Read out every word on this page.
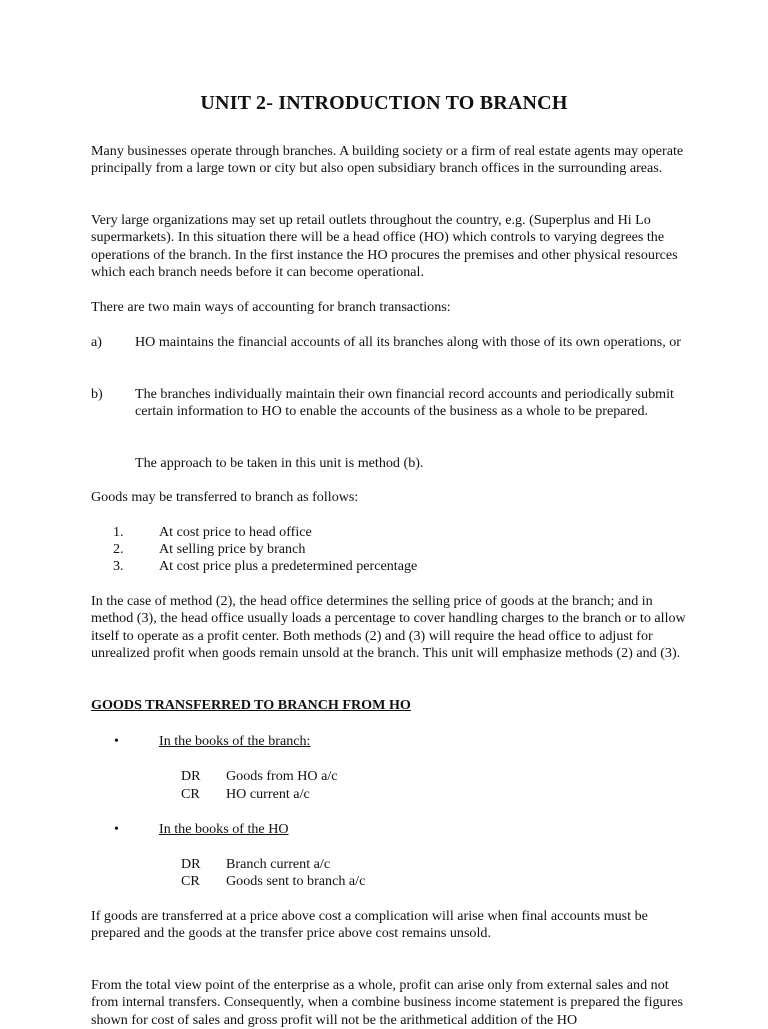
UNIT 2- INTRODUCTION TO BRANCH

Many businesses operate through branches. A building society or a firm of real estate agents may operate principally from a large town or city but also open subsidiary branch offices in the surrounding areas.

Very large organizations may set up retail outlets throughout the country, e.g. (Superplus and Hi Lo supermarkets). In this situation there will be a head office (HO) which controls to varying degrees the operations of the branch. In the first instance the HO procures the premises and other physical resources which each branch needs before it can become operational.

There are two main ways of accounting for branch transactions:

a) HO maintains the financial accounts of all its branches along with those of its own operations, or
b) The branches individually maintain their own financial record accounts and periodically submit certain information to HO to enable the accounts of the business as a whole to be prepared.
The approach to be taken in this unit is method (b).

Goods may be transferred to branch as follows:

1.	At cost price to head office
2.	At selling price by branch
3.	At cost price plus a predetermined percentage

In the case of method (2), the head office determines the selling price of goods at the branch; and in method (3), the head office usually loads a percentage to cover handling charges to the branch or to allow itself to operate as a profit center. Both methods (2) and (3) will require the head office to adjust for unrealized profit when goods remain unsold at the branch. This unit will emphasize methods (2) and (3).

GOODS TRANSFERRED TO BRANCH FROM HO
•	In the books of the branch:
DR Goods from HO a/c
CR HO current a/c
•	In the books of the HO
DR Branch current a/c
CR Goods sent to branch a/c

If goods are transferred at a price above cost a complication will arise when final accounts must be prepared and the goods at the transfer price above cost remains unsold.

From the total view point of the enterprise as a whole, profit can arise only from external sales and not from internal transfers. Consequently, when a combine business income statement is prepared the figures shown for cost of sales and gross profit will not be the arithmetical addition of the HO
